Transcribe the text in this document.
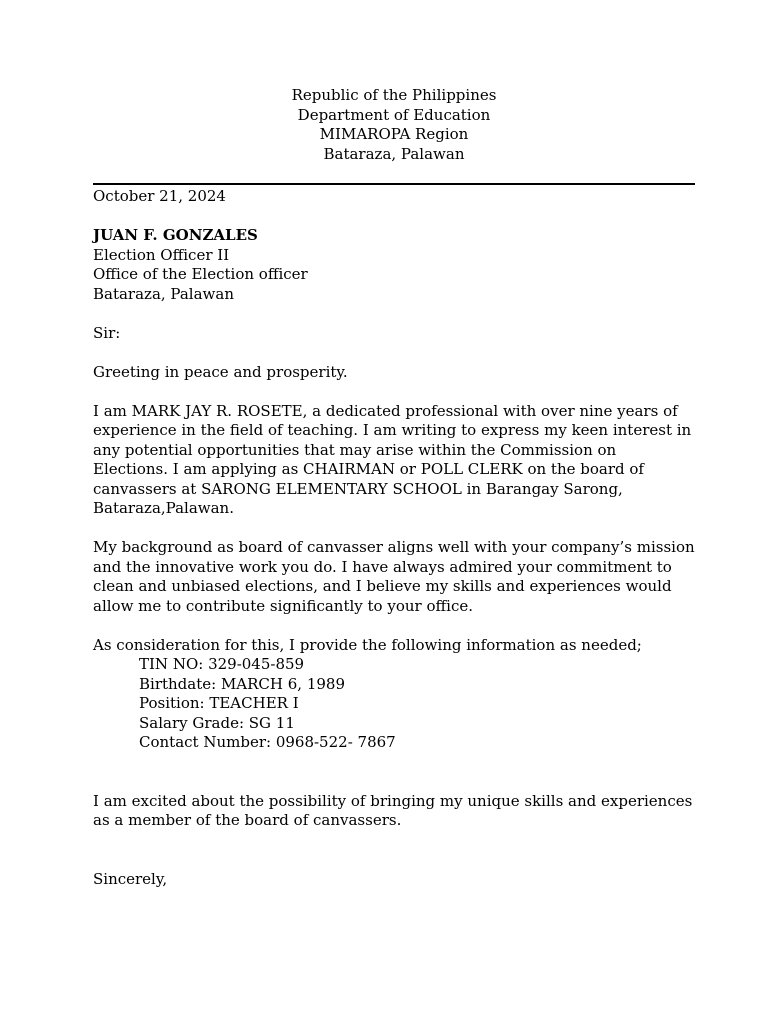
Republic of the Philippines
Department of Education
MIMAROPA Region
Bataraza, Palawan
October 21, 2024
JUAN F. GONZALES
Election Officer II
Office of the Election officer
Bataraza, Palawan
Sir:
Greeting in peace and prosperity.
I am MARK JAY R. ROSETE, a dedicated professional with over nine years of experience in the field of teaching. I am writing to express my keen interest in any potential opportunities that may arise within the Commission on Elections. I am applying as CHAIRMAN or POLL CLERK on the board of canvassers at SARONG ELEMENTARY SCHOOL in Barangay Sarong, Bataraza,Palawan.
My background as board of canvasser aligns well with your company’s mission and the innovative work you do. I have always admired your commitment to clean and unbiased elections, and I believe my skills and experiences would allow me to contribute significantly to your office.
As consideration for this, I provide the following information as needed;
TIN NO: 329-045-859
Birthdate: MARCH 6, 1989
Position: TEACHER I
Salary Grade: SG 11
Contact Number: 0968-522- 7867
I am excited about the possibility of bringing my unique skills and experiences as a member of the board of canvassers.
Sincerely,
